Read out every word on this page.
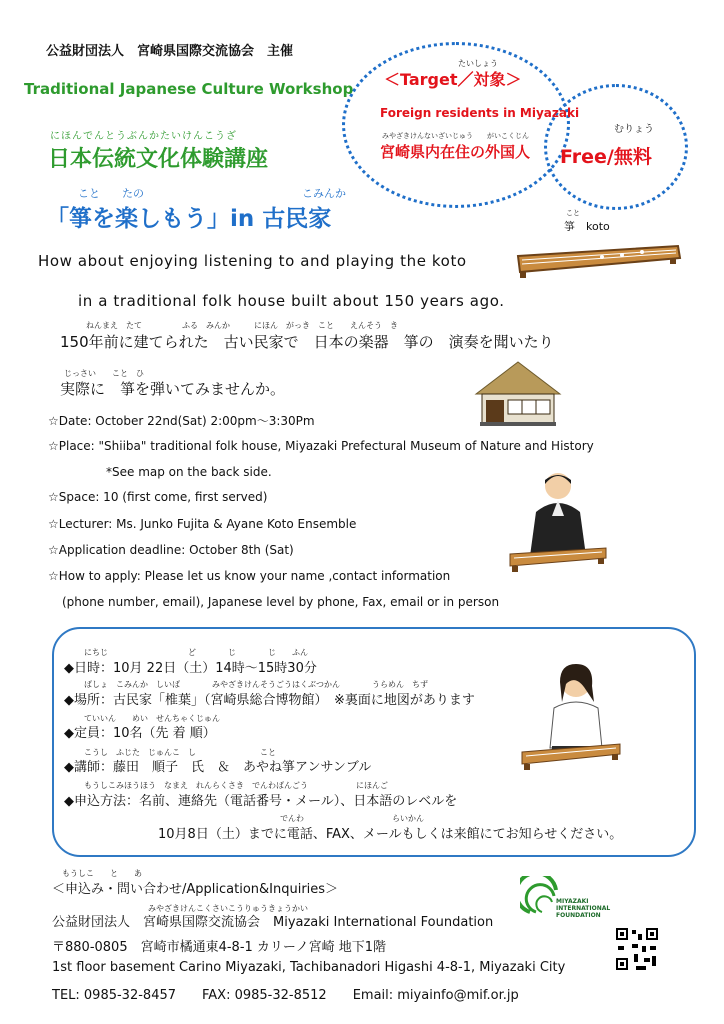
公益財団法人　宮崎県国際交流協会　主催
Traditional Japanese Culture Workshop
にほんでんとうぶんかたいけんこうざ
日本伝統文化体験講座
こと　　たの	こみんか
「箏を楽しもう」in 古民家
たいしょう
＜Target／対象＞
Foreign residents in Miyazaki
みやざきけんないざいじゅう　　がいこくじん
宮崎県内在住の外国人
むりょう
Free/無料
こと
箏　koto
How about enjoying listening to and playing the koto
in a traditional folk house built about 150 years ago.
ねんまえ　たて　　　　　ふる　みんか　　　にほん　がっき　こと　　えんそう　き
150年前に建てられた　古い民家で　日本の楽器　箏の　演奏を聞いたり
じっさい　　こと　ひ
実際に　箏を弾いてみませんか。
☆Date: October 22nd(Sat) 2:00pm～3:30Pm
☆Place: "Shiiba" traditional folk house, Miyazaki Prefectural Museum of Nature and History
*See map on the back side.
☆Space: 10 (first come, first served)
☆Lecturer: Ms. Junko Fujita & Ayane Koto Ensemble
☆Application deadline: October 8th (Sat)
☆How to apply: Please let us know your name ,contact information
(phone number, email), Japanese level by phone, Fax, email or in person
にちじ　　　　　　　　　　ど　　　　じ　　　　じ　　ふん
◆日時：10月 22日（土）14時～15時30分
ばしょ　こみんか　しいば　　　　みやざきけんそうごうはくぶつかん　　　　うらめん　ちず
◆場所：古民家「椎葉」（宮崎県総合博物館）　※裏面に地図があります
ていいん　　めい　せんちゃくじゅん
◆定員：10名（先 着 順）
こうし　ふじた　じゅんこ　し　　　　　　　　こと
◆講師：藤田　順子　氏　＆　あやね箏アンサンブル
もうしこみほうほう　なまえ　れんらくさき　でんわばんごう　　　　　　にほんご
◆申込方法：名前、連絡先（電話番号・メール）、日本語のレベルを
でんわ　　　　　　　　　　　らいかん
10月8日（土）までに電話、FAX、メールもしくは来館にてお知らせください。
もうしこ　　と　　あ
＜申込み・問い合わせ/Application&Inquiries＞
みやざきけんこくさいこうりゅうきょうかい
公益財団法人　宮崎県国際交流協会　Miyazaki International Foundation
〒880-0805　宮崎市橘通東4-8-1 カリーノ宮崎 地下1階
1st floor basement Carino Miyazaki, Tachibanadori Higashi 4-8-1, Miyazaki City
TEL: 0985-32-8457　　FAX: 0985-32-8512　　Email: miyainfo@mif.or.jp
MIYAZAKI INTERNATIONAL FOUNDATION
